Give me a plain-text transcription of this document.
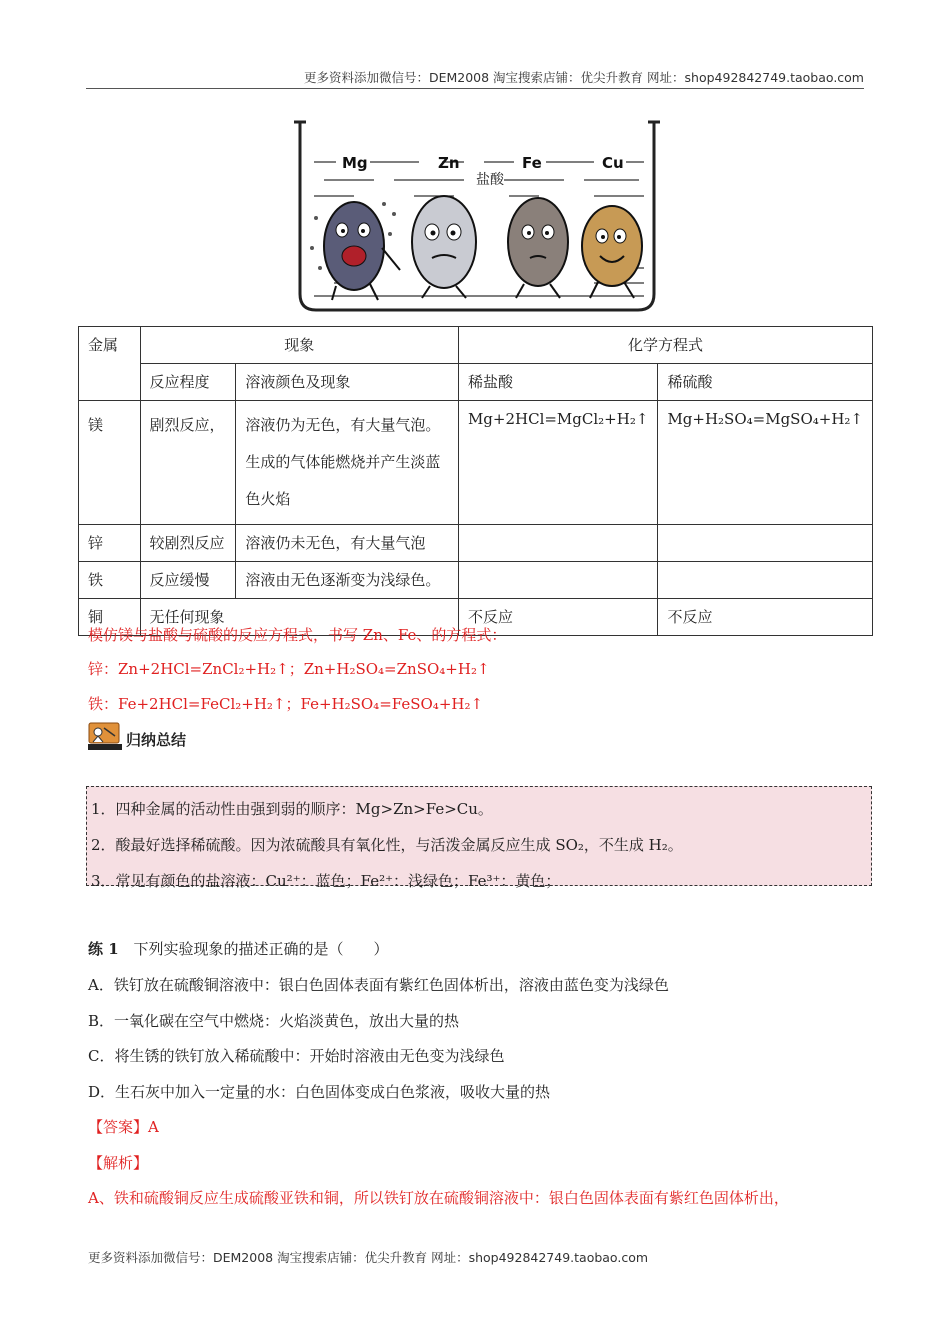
更多资料添加微信号：DEM2008 淘宝搜索店铺：优尖升教育 网址：shop492842749.taobao.com
Mg	Zn	Fe	Cu
盐酸
金属	现象		化学方程式	
	反应程度	溶液颜色及现象	稀盐酸	稀硫酸
镁	剧烈反应，	溶液仍为无色，有大量气泡。生成的气体能燃烧并产生淡蓝色火焰	Mg+2HCl=MgCl₂+H₂↑	Mg+H₂SO₄=MgSO₄+H₂↑
锌	较剧烈反应	溶液仍未无色，有大量气泡		
铁	反应缓慢	溶液由无色逐渐变为浅绿色。		
铜	无任何现象		不反应	不反应
模仿镁与盐酸与硫酸的反应方程式，书写 Zn、Fe、的方程式：
锌：Zn+2HCl=ZnCl₂+H₂↑；Zn+H₂SO₄=ZnSO₄+H₂↑
铁：Fe+2HCl=FeCl₂+H₂↑；Fe+H₂SO₄=FeSO₄+H₂↑
归纳总结

1．四种金属的活动性由强到弱的顺序：Mg>Zn>Fe>Cu。

2．酸最好选择稀硫酸。因为浓硫酸具有氧化性，与活泼金属反应生成 SO₂，不生成 H₂。

3．常见有颜色的盐溶液：Cu²⁺：蓝色；Fe²⁺：浅绿色；Fe³⁺：黄色；

练 1 下列实验现象的描述正确的是（　　）
A．铁钉放在硫酸铜溶液中：银白色固体表面有紫红色固体析出，溶液由蓝色变为浅绿色
B．一氧化碳在空气中燃烧：火焰淡黄色，放出大量的热
C．将生锈的铁钉放入稀硫酸中：开始时溶液由无色变为浅绿色
D．生石灰中加入一定量的水：白色固体变成白色浆液，吸收大量的热
【答案】A
【解析】
A、铁和硫酸铜反应生成硫酸亚铁和铜，所以铁钉放在硫酸铜溶液中：银白色固体表面有紫红色固体析出，
更多资料添加微信号：DEM2008 淘宝搜索店铺：优尖升教育 网址：shop492842749.taobao.com
